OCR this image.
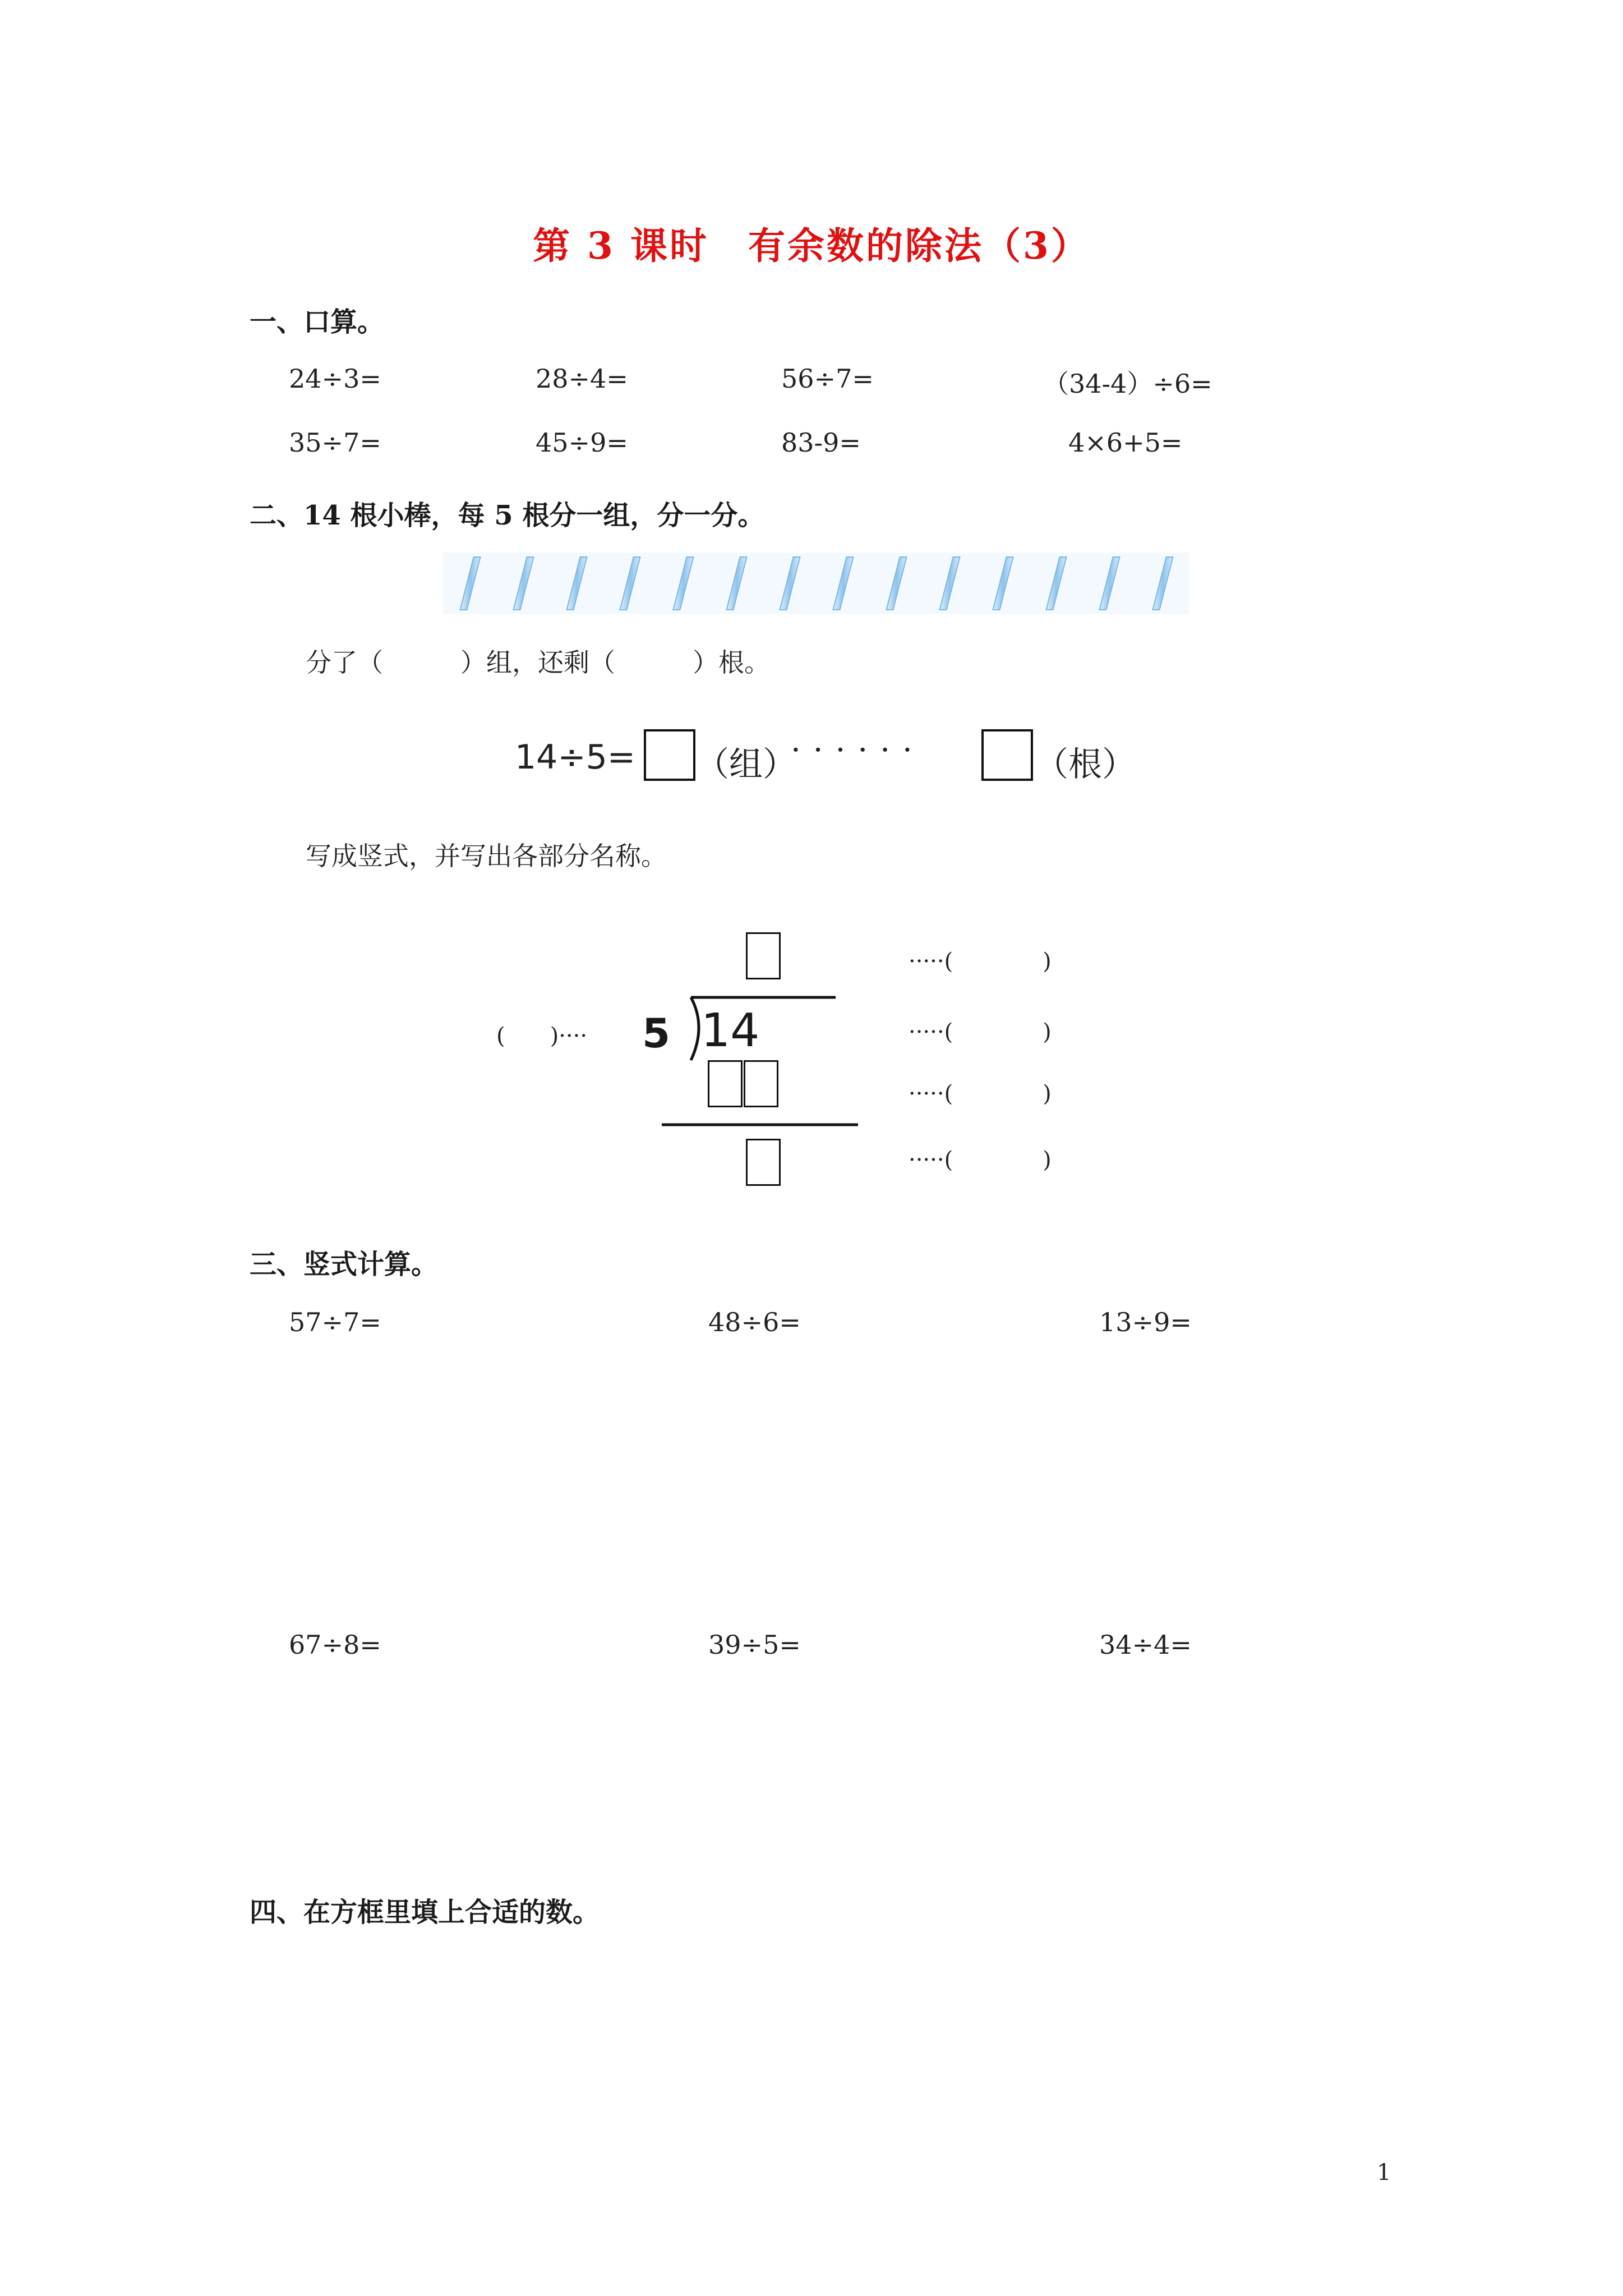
第 3 课时 有余数的除法（3）
一、口算。
24÷3=	28÷4=	56÷7=	（34-4）÷6=
35÷7=	45÷9=	83-9=	4×6+5=
二、14 根小棒，每 5 根分一组，分一分。
分了（　　　）组，还剩（　　　）根。
14÷5= （组）
······	（根）
写成竖式，并写出各部分名称。
5 14
(　　)····
·····(　　　　)
·····(　　　　)
·····(　　　　)
·····(　　　　)
三、竖式计算。
57÷7=	48÷6=	13÷9=
67÷8=	39÷5=	34÷4=
四、在方框里填上合适的数。
1
